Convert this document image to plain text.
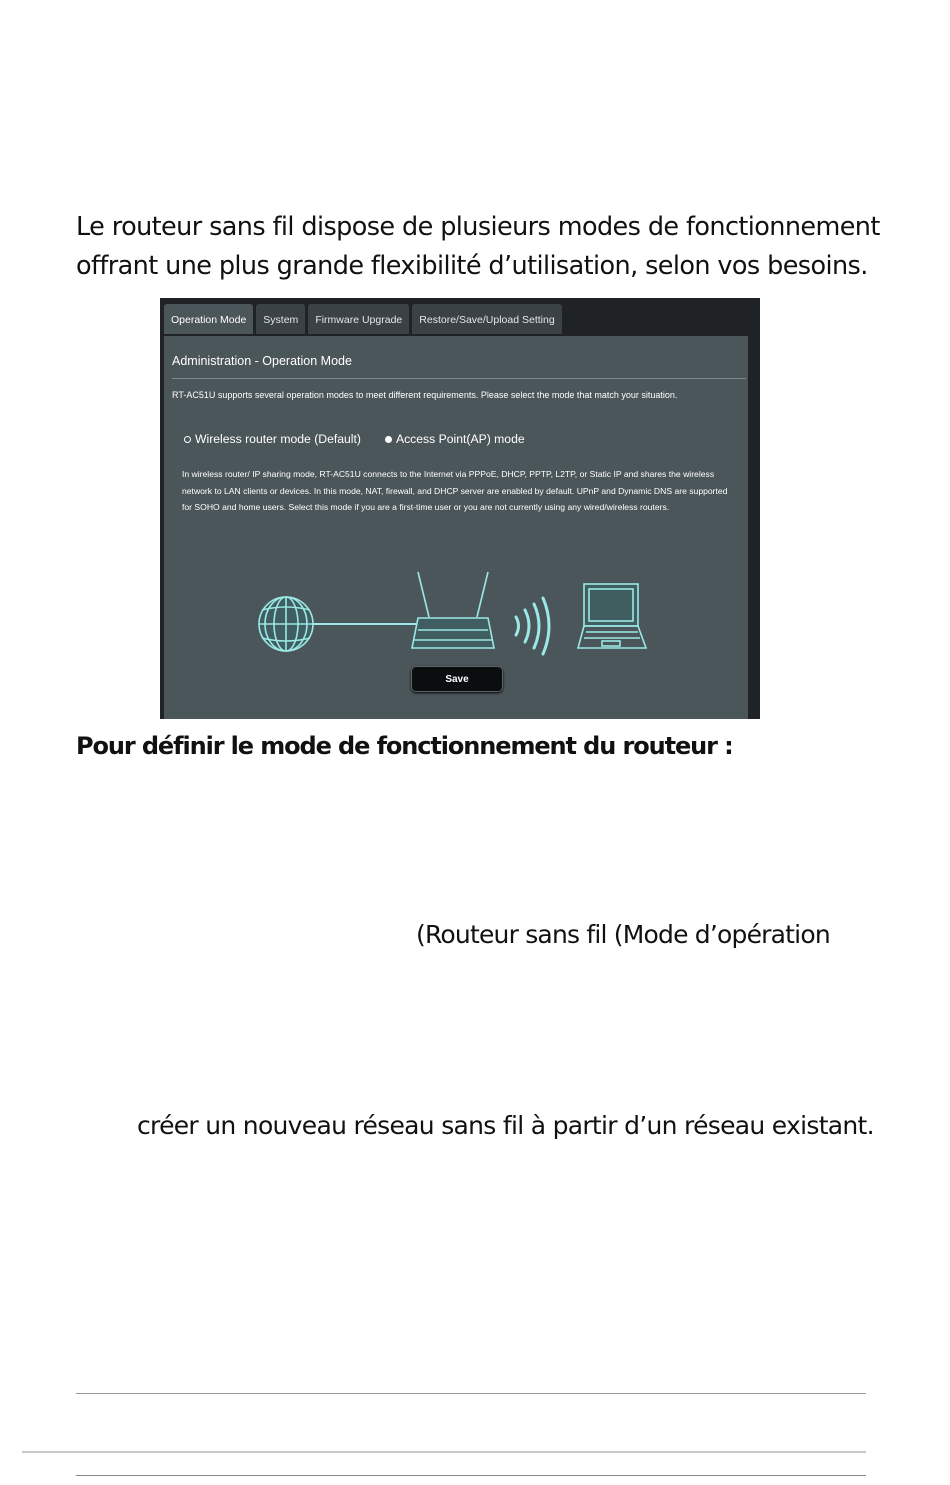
Le routeur sans fil dispose de plusieurs modes de fonctionnement

offrant une plus grande flexibilité d’utilisation, selon vos besoins.

Operation Mode	System	Firmware Upgrade	Restore/Save/Upload Setting
Administration - Operation Mode
RT-AC51U supports several operation modes to meet different requirements. Please select the mode that match your situation.
Wireless router mode (Default)	Access Point(AP) mode
In wireless router/ IP sharing mode, RT-AC51U connects to the Internet via PPPoE, DHCP, PPTP, L2TP, or Static IP and shares the wireless network to LAN clients or devices. In this mode, NAT, firewall, and DHCP server are enabled by default. UPnP and Dynamic DNS are supported for SOHO and home users. Select this mode if you are a first-time user or you are not currently using any wired/wireless routers.
Save
Pour définir le mode de fonctionnement du routeur :
(Routeur sans fil (Mode d’opération
créer un nouveau réseau sans fil à partir d’un réseau existant.
